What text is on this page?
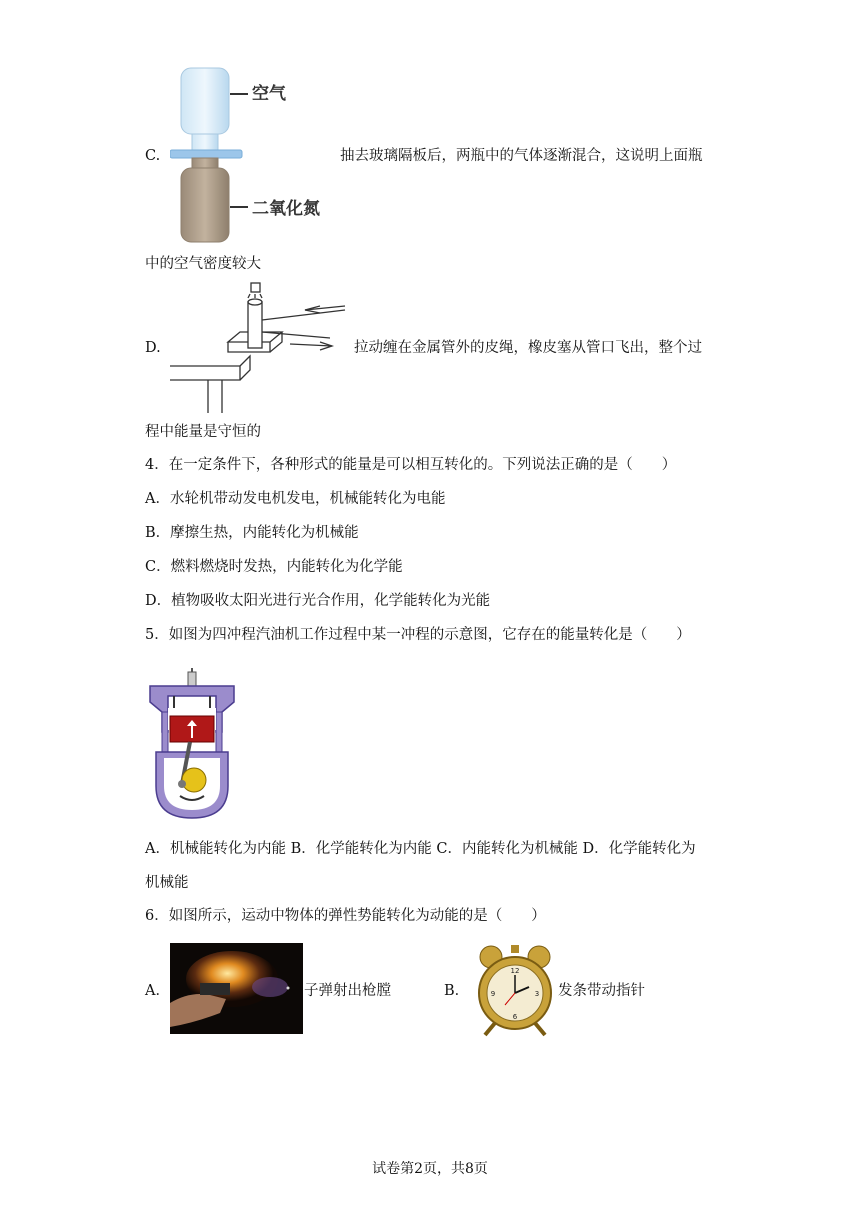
空气
二氧化氮
C.	抽去玻璃隔板后，两瓶中的气体逐渐混合，这说明上面瓶
中的空气密度较大
D.	拉动缠在金属管外的皮绳，橡皮塞从管口飞出，整个过
程中能量是守恒的
4．在一定条件下，各种形式的能量是可以相互转化的。下列说法正确的是（　　）
A．水轮机带动发电机发电，机械能转化为电能
B．摩擦生热，内能转化为机械能
C．燃料燃烧时发热，内能转化为化学能
D．植物吸收太阳光进行光合作用，化学能转化为光能
5．如图为四冲程汽油机工作过程中某一冲程的示意图，它存在的能量转化是（　　）
A．机械能转化为内能 B．化学能转化为内能 C．内能转化为机械能 D．化学能转化为
机械能
6．如图所示，运动中物体的弹性势能转化为动能的是（　　）
A．	子弹射出枪膛	B．
12
3
6
9	发条带动指针
试卷第2页，共8页
